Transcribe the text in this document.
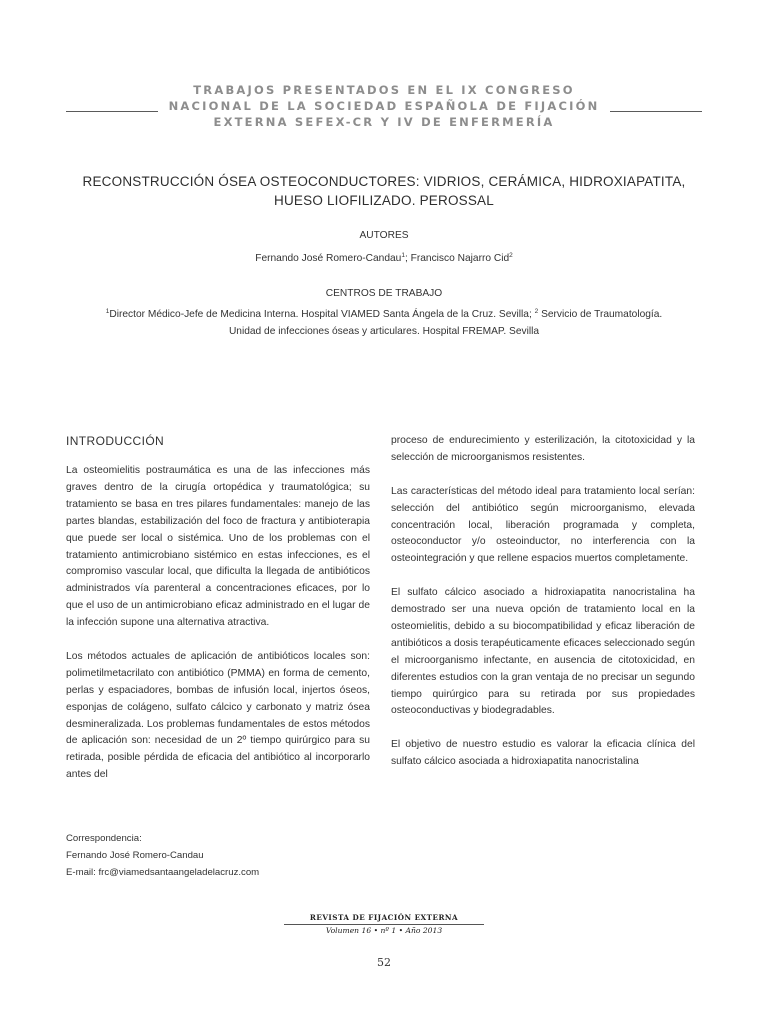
TRABAJOS PRESENTADOS EN EL IX CONGRESO
NACIONAL DE LA SOCIEDAD ESPAÑOLA DE FIJACIÓN
EXTERNA SEFEX-CR Y IV DE ENFERMERÍA
RECONSTRUCCIÓN ÓSEA OSTEOCONDUCTORES: VIDRIOS, CERÁMICA, HIDROXIAPATITA,
HUESO LIOFILIZADO. PEROSSAL
AUTORES
Fernando José Romero-Candau$^1$; Francisco Najarro Cid$^2$
CENTROS DE TRABAJO
$^1$Director Médico-Jefe de Medicina Interna. Hospital VIAMED Santa Ángela de la Cruz. Sevilla; $^2$ Servicio de Traumatología.
Unidad de infecciones óseas y articulares. Hospital FREMAP. Sevilla
INTRODUCCIÓN

La osteomielitis postraumática es una de las infecciones más graves dentro de la cirugía ortopédica y traumatológica; su tratamiento se basa en tres pilares fundamentales: manejo de las partes blandas, estabilización del foco de fractura y antibioterapia que puede ser local o sistémica. Uno de los problemas con el tratamiento antimicrobiano sistémico en estas infecciones, es el compromiso vascular local, que dificulta la llegada de antibióticos administrados vía parenteral a concentraciones eficaces, por lo que el uso de un antimicrobiano eficaz administrado en el lugar de la infección supone una alternativa atractiva.

Los métodos actuales de aplicación de antibióticos locales son: polimetilmetacrilato con antibiótico (PMMA) en forma de cemento, perlas y espaciadores, bombas de infusión local, injertos óseos, esponjas de colágeno, sulfato cálcico y carbonato y matriz ósea desmineralizada. Los problemas fundamentales de estos métodos de aplicación son: necesidad de un 2º tiempo quirúrgico para su retirada, posible pérdida de eficacia del antibiótico al incorporarlo antes del

proceso de endurecimiento y esterilización, la citotoxicidad y la selección de microorganismos resistentes.

Las características del método ideal para tratamiento local serían: selección del antibiótico según microorganismo, elevada concentración local, liberación programada y completa, osteoconductor y/o osteoinductor, no interferencia con la osteointegración y que rellene espacios muertos completamente.

El sulfato cálcico asociado a hidroxiapatita nanocristalina ha demostrado ser una nueva opción de tratamiento local en la osteomielitis, debido a su biocompatibilidad y eficaz liberación de antibióticos a dosis terapéuticamente eficaces seleccionado según el microorganismo infectante, en ausencia de citotoxicidad, en diferentes estudios con la gran ventaja de no precisar un segundo tiempo quirúrgico para su retirada por sus propiedades osteoconductivas y biodegradables.

El objetivo de nuestro estudio es valorar la eficacia clínica del sulfato cálcico asociada a hidroxiapatita nanocristalina

Correspondencia:
Fernando José Romero-Candau
E-mail: frc@viamedsantaangeladelacruz.com
REVISTA DE FIJACIÓN EXTERNA
Volumen 16 • nº 1 • Año 2013
52
